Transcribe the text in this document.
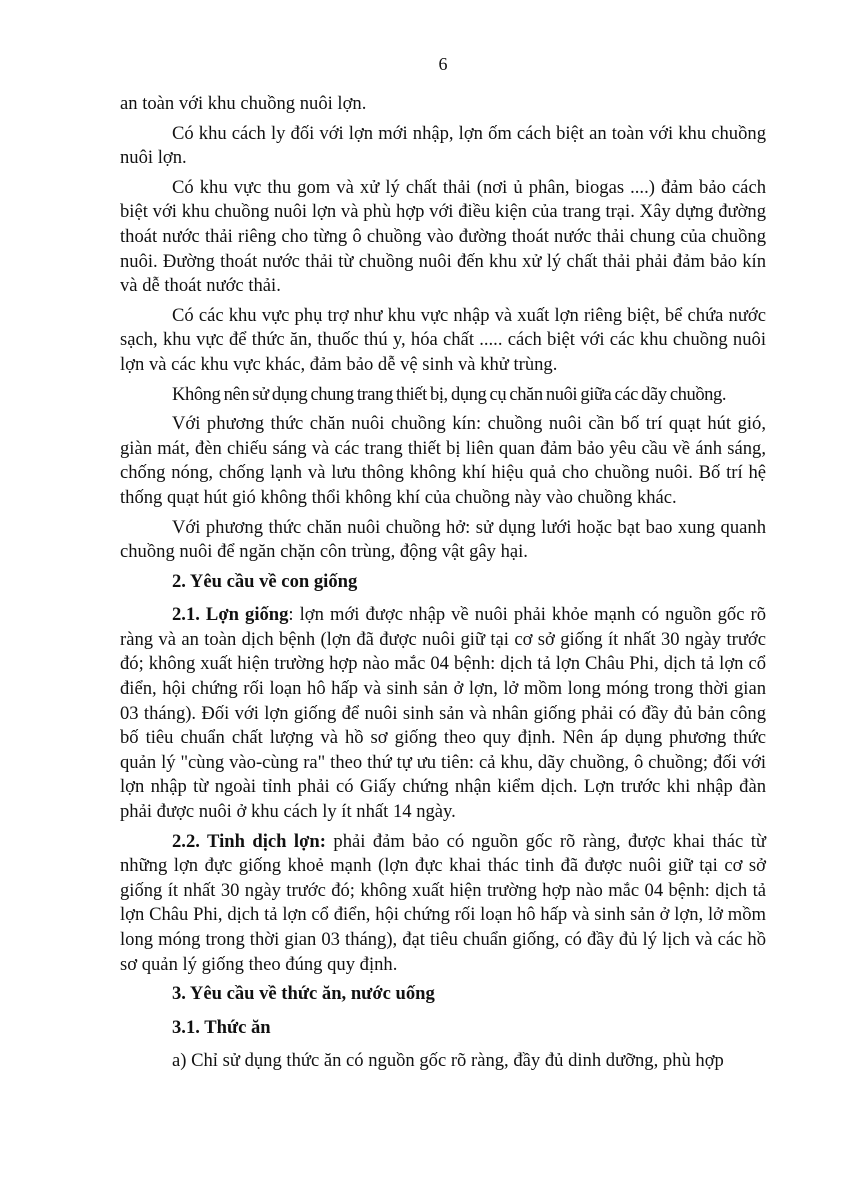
6

an toàn với khu chuồng nuôi lợn.

Có khu cách ly đối với lợn mới nhập, lợn ốm cách biệt an toàn với khu chuồng nuôi lợn.

Có khu vực thu gom và xử lý chất thải (nơi ủ phân, biogas ....) đảm bảo cách biệt với khu chuồng nuôi lợn và phù hợp với điều kiện của trang trại. Xây dựng đường thoát nước thải riêng cho từng ô chuồng vào đường thoát nước thải chung của chuồng nuôi. Đường thoát nước thải từ chuồng nuôi đến khu xử lý chất thải phải đảm bảo kín và dễ thoát nước thải.

Có các khu vực phụ trợ như khu vực nhập và xuất lợn riêng biệt, bể chứa nước sạch, khu vực để thức ăn, thuốc thú y, hóa chất ..... cách biệt với các khu chuồng nuôi lợn và các khu vực khác, đảm bảo dễ vệ sinh và khử trùng.

Không nên sử dụng chung trang thiết bị, dụng cụ chăn nuôi giữa các dãy chuồng.

Với phương thức chăn nuôi chuồng kín: chuồng nuôi cần bố trí quạt hút gió, giàn mát, đèn chiếu sáng và các trang thiết bị liên quan đảm bảo yêu cầu về ánh sáng, chống nóng, chống lạnh và lưu thông không khí hiệu quả cho chuồng nuôi. Bố trí hệ thống quạt hút gió không thổi không khí của chuồng này vào chuồng khác.

Với phương thức chăn nuôi chuồng hở: sử dụng lưới hoặc bạt bao xung quanh chuồng nuôi để ngăn chặn côn trùng, động vật gây hại.

2. Yêu cầu về con giống

2.1. Lợn giống: lợn mới được nhập về nuôi phải khỏe mạnh có nguồn gốc rõ ràng và an toàn dịch bệnh (lợn đã được nuôi giữ tại cơ sở giống ít nhất 30 ngày trước đó; không xuất hiện trường hợp nào mắc 04 bệnh: dịch tả lợn Châu Phi, dịch tả lợn cổ điển, hội chứng rối loạn hô hấp và sinh sản ở lợn, lở mồm long móng trong thời gian 03 tháng). Đối với lợn giống để nuôi sinh sản và nhân giống phải có đầy đủ bản công bố tiêu chuẩn chất lượng và hồ sơ giống theo quy định. Nên áp dụng phương thức quản lý "cùng vào-cùng ra" theo thứ tự ưu tiên: cả khu, dãy chuồng, ô chuồng; đối với lợn nhập từ ngoài tỉnh phải có Giấy chứng nhận kiểm dịch. Lợn trước khi nhập đàn phải được nuôi ở khu cách ly ít nhất 14 ngày.

2.2. Tinh dịch lợn: phải đảm bảo có nguồn gốc rõ ràng, được khai thác từ những lợn đực giống khoẻ mạnh (lợn đực khai thác tinh đã được nuôi giữ tại cơ sở giống ít nhất 30 ngày trước đó; không xuất hiện trường hợp nào mắc 04 bệnh: dịch tả lợn Châu Phi, dịch tả lợn cổ điển, hội chứng rối loạn hô hấp và sinh sản ở lợn, lở mồm long móng trong thời gian 03 tháng), đạt tiêu chuẩn giống, có đầy đủ lý lịch và các hồ sơ quản lý giống theo đúng quy định.

3. Yêu cầu về thức ăn, nước uống
3.1. Thức ăn

a) Chỉ sử dụng thức ăn có nguồn gốc rõ ràng, đầy đủ dinh dưỡng, phù hợp
